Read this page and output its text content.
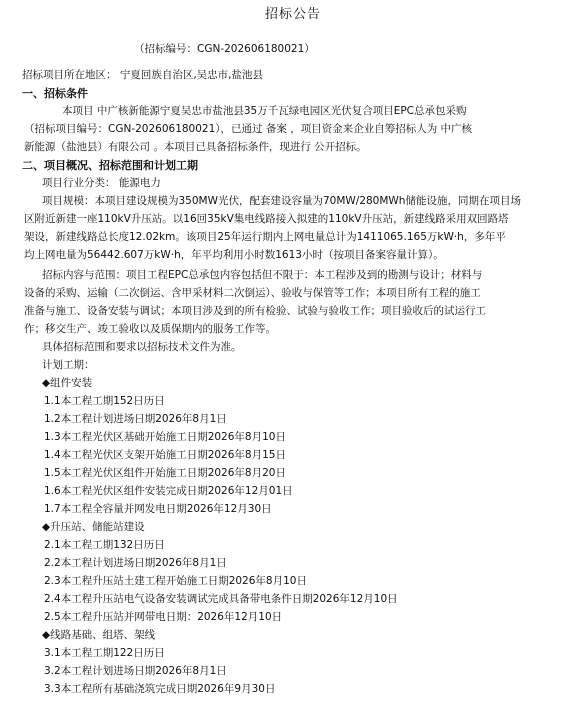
招标公告
（招标编号：CGN-202606180021）
招标项目所在地区： 宁夏回族自治区,吴忠市,盐池县
一、招标条件
本项目 中广核新能源宁夏吴忠市盐池县35万千瓦绿电园区光伏复合项目EPC总承包采购
（招标项目编号：CGN-202606180021），已通过 备案 ，项目资金来企业自筹招标人为 中广核
新能源（盐池县）有限公司 。本项目已具备招标条件，现进行 公开招标。
二、项目概况、招标范围和计划工期
项目行业分类： 能源电力
项目规模：本项目建设规模为350MW光伏，配套建设容量为70MW/280MWh储能设施，同期在项目场
区附近新建一座110kV升压站。以16回35kV集电线路接入拟建的110kV升压站，新建线路采用双回路塔
架设，新建线路总长度12.02km。该项目25年运行期内上网电量总计为1411065.165万kW·h，多年平
均上网电量为56442.607万kW·h，年平均利用小时数1613小时（按项目备案容量计算）。
招标内容与范围：项目工程EPC总承包内容包括但不限于：本工程涉及到的勘测与设计；材料与
设备的采购、运输（二次倒运、含甲采材料二次倒运）、验收与保管等工作；本项目所有工程的施工
准备与施工、设备安装与调试；本项目涉及到的所有检验、试验与验收工作；项目验收后的试运行工
作；移交生产、竣工验收以及质保期内的服务工作等。
具体招标范围和要求以招标技术文件为准。
计划工期：
◆组件安装
1.1本工程工期152日历日
1.2本工程计划进场日期2026年8月1日
1.3本工程光伏区基础开始施工日期2026年8月10日
1.4本工程光伏区支架开始施工日期2026年8月15日
1.5本工程光伏区组件开始施工日期2026年8月20日
1.6本工程光伏区组件安装完成日期2026年12月01日
1.7本工程全容量并网发电日期2026年12月30日
◆升压站、储能站建设
2.1本工程工期132日历日
2.2本工程计划进场日期2026年8月1日
2.3本工程升压站土建工程开始施工日期2026年8月10日
2.4本工程升压站电气设备安装调试完成具备带电条件日期2026年12月10日
2.5本工程升压站并网带电日期：2026年12月10日
◆线路基础、组塔、架线
3.1本工程工期122日历日
3.2本工程计划进场日期2026年8月1日
3.3本工程所有基础浇筑完成日期2026年9月30日
